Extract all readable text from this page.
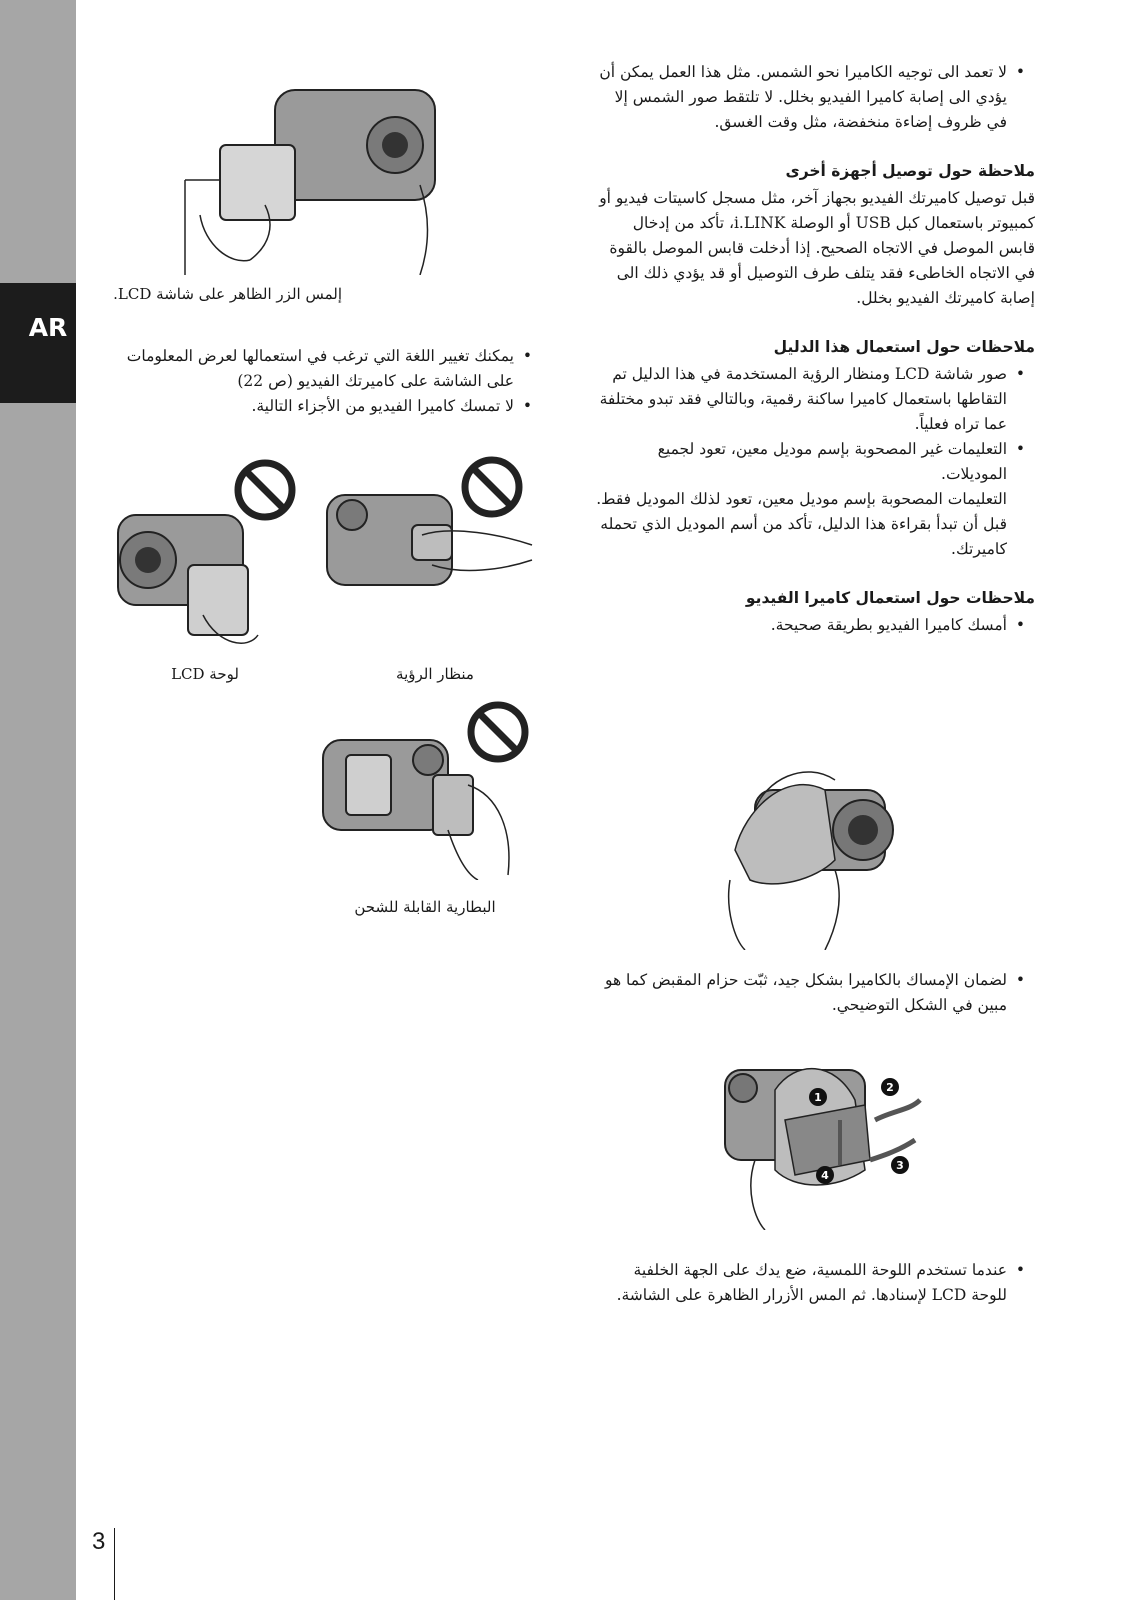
AR

• لا تعمد الى توجيه الكاميرا نحو الشمس. مثل هذا العمل يمكن أن يؤدي الى إصابة كاميرا الفيديو بخلل. لا تلتقط صور الشمس إلا في ظروف إضاءة منخفضة، مثل وقت الغسق.

ملاحظة حول توصيل أجهزة أخرى

قبل توصيل كاميرتك الفيديو بجهاز آخر، مثل مسجل كاسيتات فيديو أو كمبيوتر باستعمال كبل USB أو الوصلة i.LINK، تأكد من إدخال قابس الموصل في الاتجاه الصحيح. إذا أدخلت قابس الموصل بالقوة في الاتجاه الخاطىء فقد يتلف طرف التوصيل أو قد يؤدي ذلك الى إصابة كاميرتك الفيديو بخلل.

ملاحظات حول استعمال هذا الدليل

• صور شاشة LCD ومنظار الرؤية المستخدمة في هذا الدليل تم التقاطها باستعمال كاميرا ساكنة رقمية، وبالتالي فقد تبدو مختلفة عما تراه فعلياً.

• التعليمات غير المصحوبة بإسم موديل معين، تعود لجميع الموديلات.

التعليمات المصحوبة بإسم موديل معين، تعود لذلك الموديل فقط.

قبل أن تبدأ بقراءة هذا الدليل، تأكد من أسم الموديل الذي تحمله كاميرتك.

ملاحظات حول استعمال كاميرا الفيديو

• أمسك كاميرا الفيديو بطريقة صحيحة.

• لضمان الإمساك بالكاميرا بشكل جيد، ثبّت حزام المقبض كما هو مبين في الشكل التوضيحي.

1
2
3
4

• عندما تستخدم اللوحة اللمسية، ضع يدك على الجهة الخلفية للوحة LCD لإسنادها. ثم المس الأزرار الظاهرة على الشاشة.

إلمس الزر الظاهر على شاشة LCD.

• يمكنك تغيير اللغة التي ترغب في استعمالها لعرض المعلومات على الشاشة على كاميرتك الفيديو (ص 22)

• لا تمسك كاميرا الفيديو من الأجزاء التالية.

لوحة LCD	منظار الرؤية
البطارية القابلة للشحن
3
